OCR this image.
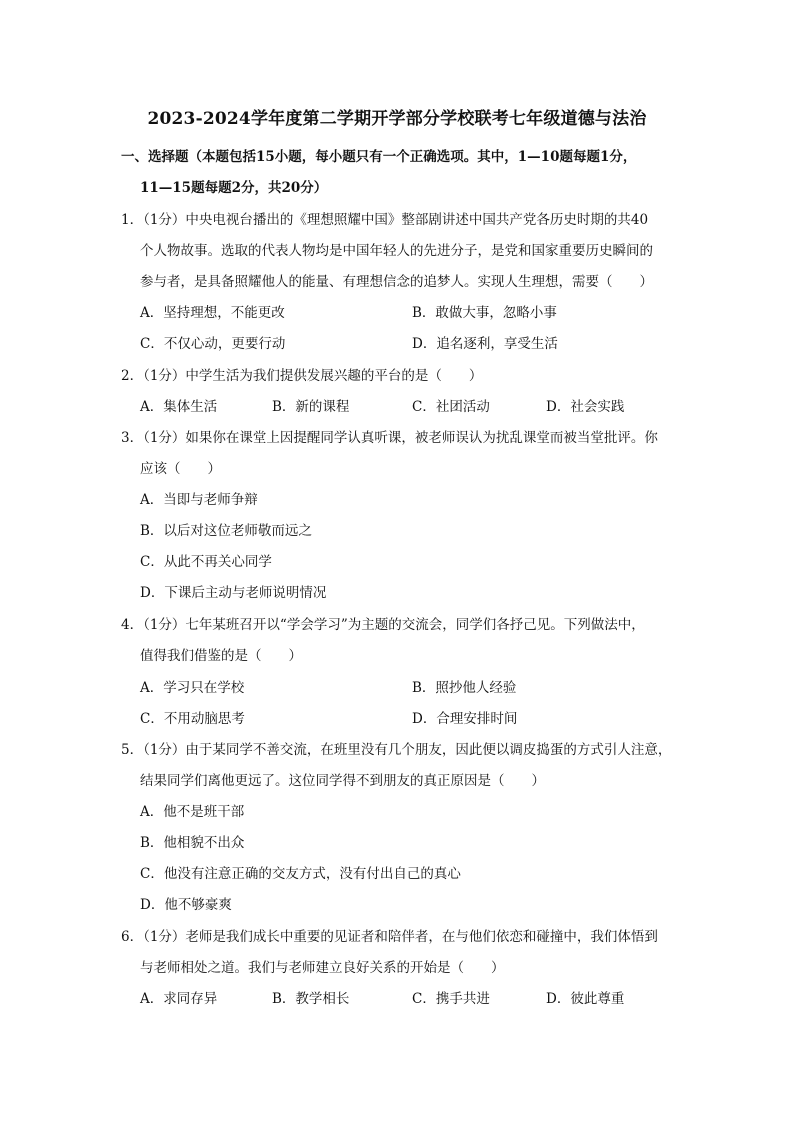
2023-2024学年度第二学期开学部分学校联考七年级道德与法治
一、选择题（本题包括15小题，每小题只有一个正确选项。其中，1—10题每题1分，
11—15题每题2分，共20分）
1．（1分）中央电视台播出的《理想照耀中国》整部剧讲述中国共产党各历史时期的共40
个人物故事。选取的代表人物均是中国年轻人的先进分子，是党和国家重要历史瞬间的
参与者，是具备照耀他人的能量、有理想信念的追梦人。实现人生理想，需要（　　）
A．坚持理想，不能更改	B．敢做大事，忽略小事
C．不仅心动，更要行动	D．追名逐利，享受生活
2．（1分）中学生活为我们提供发展兴趣的平台的是（　　）
A．集体生活	B．新的课程	C．社团活动	D．社会实践
3．（1分）如果你在课堂上因提醒同学认真听课，被老师误认为扰乱课堂而被当堂批评。你
应该（　　）
A．当即与老师争辩
B．以后对这位老师敬而远之
C．从此不再关心同学
D．下课后主动与老师说明情况
4．（1分）七年某班召开以“学会学习”为主题的交流会，同学们各抒己见。下列做法中，
值得我们借鉴的是（　　）
A．学习只在学校	B．照抄他人经验
C．不用动脑思考	D．合理安排时间
5．（1分）由于某同学不善交流，在班里没有几个朋友，因此便以调皮捣蛋的方式引人注意，
结果同学们离他更远了。这位同学得不到朋友的真正原因是（　　）
A．他不是班干部
B．他相貌不出众
C．他没有注意正确的交友方式，没有付出自己的真心
D．他不够豪爽
6．（1分）老师是我们成长中重要的见证者和陪伴者，在与他们依恋和碰撞中，我们体悟到
与老师相处之道。我们与老师建立良好关系的开始是（　　）
A．求同存异	B．教学相长	C．携手共进	D．彼此尊重
